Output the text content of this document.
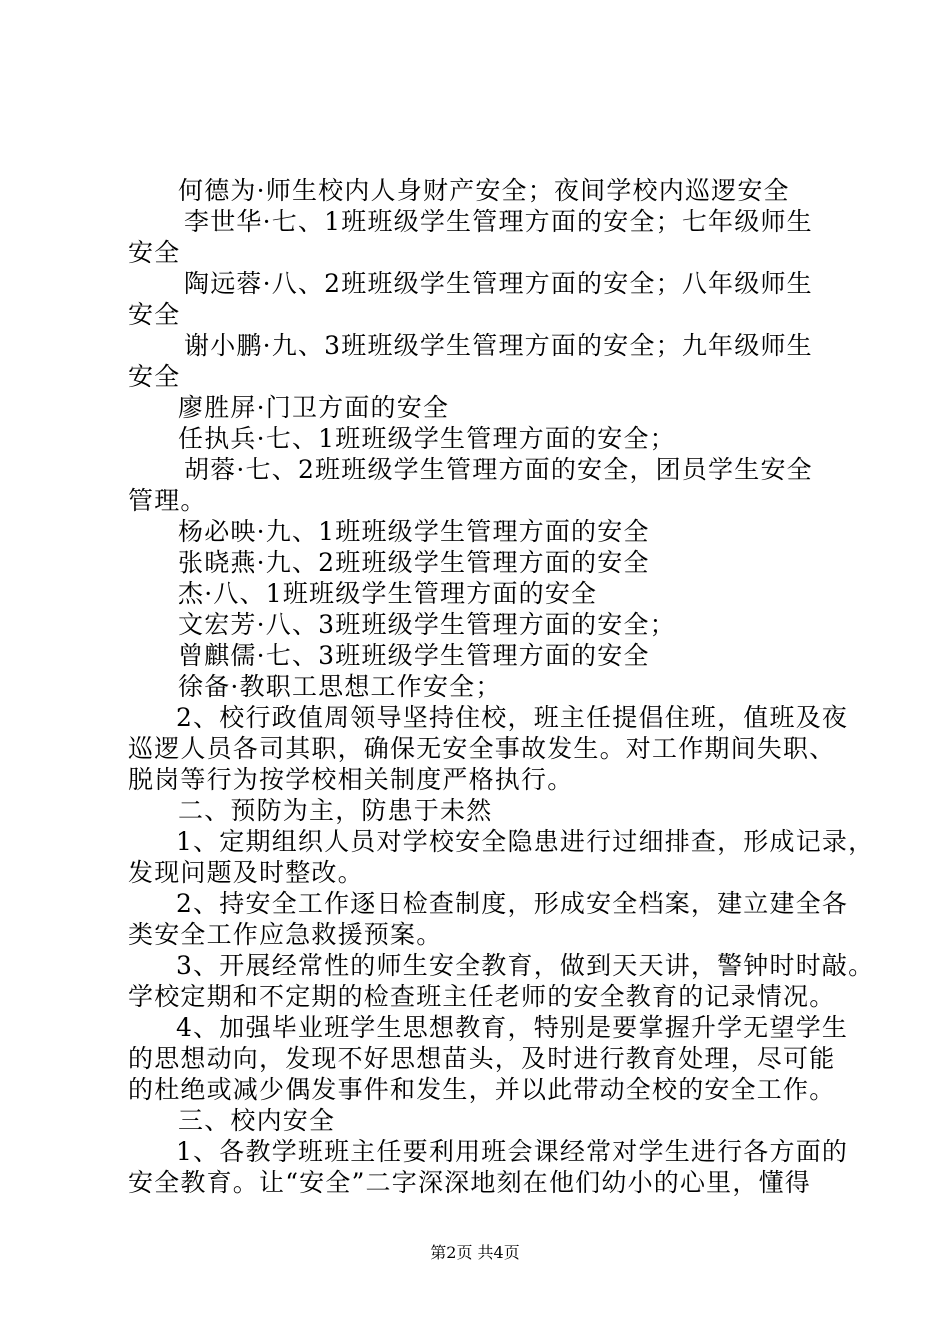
何德为·师生校内人身财产安全；夜间学校内巡逻安全
李世华·七、1班班级学生管理方面的安全；七年级师生
安全
陶远蓉·八、2班班级学生管理方面的安全；八年级师生
安全
谢小鹏·九、3班班级学生管理方面的安全；九年级师生
安全
廖胜屏·门卫方面的安全
任执兵·七、1班班级学生管理方面的安全；
胡蓉·七、2班班级学生管理方面的安全，团员学生安全
管理。
杨必映·九、1班班级学生管理方面的安全
张晓燕·九、2班班级学生管理方面的安全
杰·八、1班班级学生管理方面的安全
文宏芳·八、3班班级学生管理方面的安全；
曾麒儒·七、3班班级学生管理方面的安全
徐备·教职工思想工作安全；
2、校行政值周领导坚持住校，班主任提倡住班，值班及夜
巡逻人员各司其职，确保无安全事故发生。对工作期间失职、
脱岗等行为按学校相关制度严格执行。
二、预防为主，防患于未然
1、定期组织人员对学校安全隐患进行过细排查，形成记录，
发现问题及时整改。
2、持安全工作逐日检查制度，形成安全档案，建立建全各
类安全工作应急救援预案。
3、开展经常性的师生安全教育，做到天天讲，警钟时时敲。
学校定期和不定期的检查班主任老师的安全教育的记录情况。
4、加强毕业班学生思想教育，特别是要掌握升学无望学生
的思想动向，发现不好思想苗头，及时进行教育处理，尽可能
的杜绝或减少偶发事件和发生，并以此带动全校的安全工作。
三、校内安全
1、各教学班班主任要利用班会课经常对学生进行各方面的
安全教育。让“安全”二字深深地刻在他们幼小的心里，懂得
第2页 共4页
